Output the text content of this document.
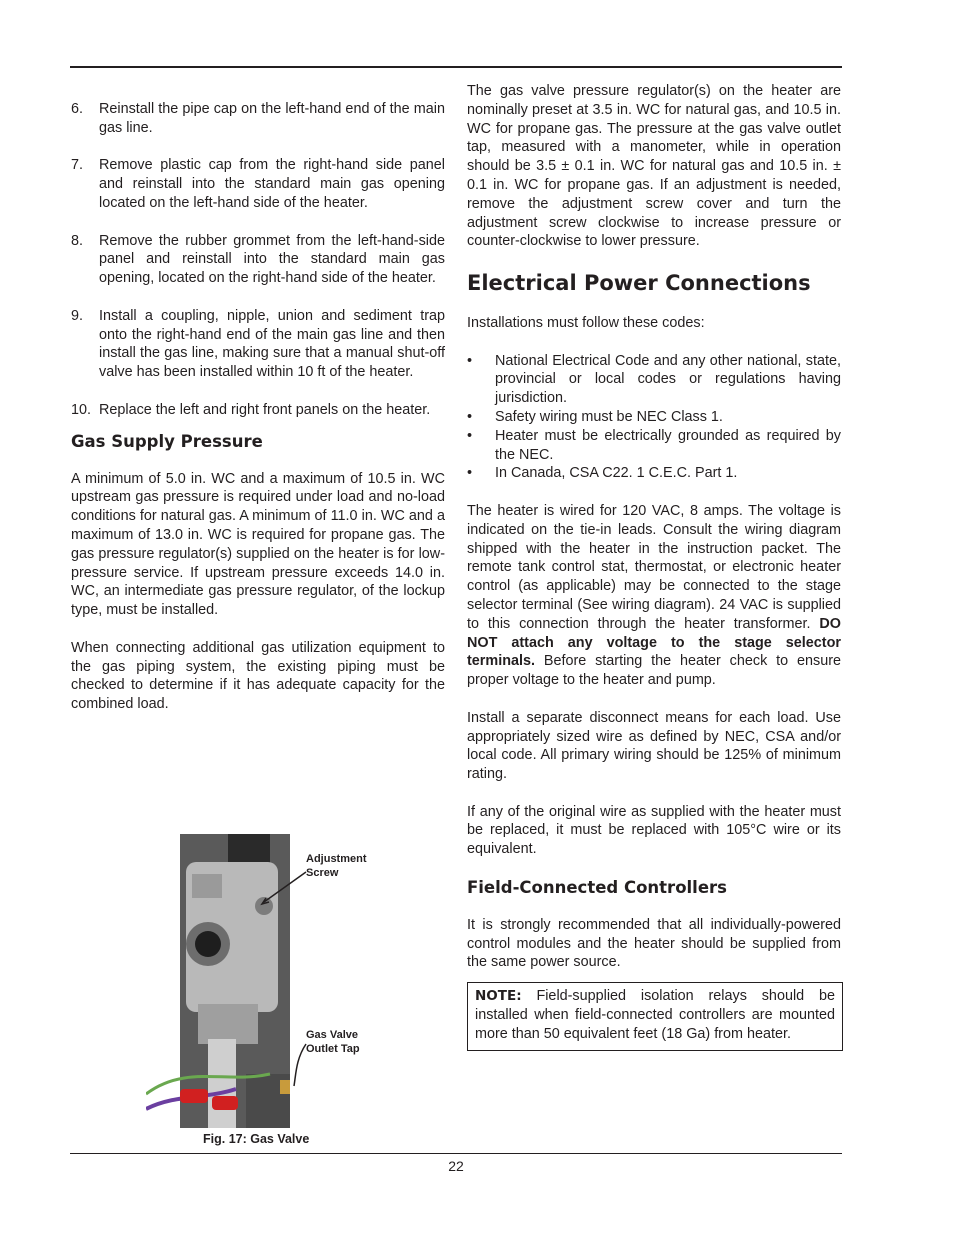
6. Reinstall the pipe cap on the left-hand end of the main gas line.
7. Remove plastic cap from the right-hand side panel and reinstall into the standard main gas opening located on the left-hand side of the heater.
8. Remove the rubber grommet from the left-hand-side panel and reinstall into the standard main gas opening, located on the right-hand side of the heater.
9. Install a coupling, nipple, union and sediment trap onto the right-hand end of the main gas line and then install the gas line, making sure that a manual shut-off valve has been installed within 10 ft of the heater.
10. Replace the left and right front panels on the heater.
Gas Supply Pressure

A minimum of 5.0 in. WC and a maximum of 10.5 in. WC upstream gas pressure is required under load and no-load conditions for natural gas. A minimum of 11.0 in. WC and a maximum of 13.0 in. WC is required for propane gas. The gas pressure regulator(s) supplied on the heater is for low-pressure service. If upstream pressure exceeds 14.0 in. WC, an intermediate gas pressure regulator, of the lockup type, must be installed.

When connecting additional gas utilization equipment to the gas piping system, the existing piping must be checked to determine if it has adequate capacity for the combined load.

Adjustment
Screw
Gas Valve
Outlet Tap
Fig. 17: Gas Valve

The gas valve pressure regulator(s) on the heater are nominally preset at 3.5 in. WC for natural gas, and 10.5 in. WC for propane gas. The pressure at the gas valve outlet tap, measured with a manometer, while in operation should be 3.5 ± 0.1 in. WC for natural gas and 10.5 in. ± 0.1 in. WC for propane gas. If an adjustment is needed, remove the adjustment screw cover and turn the adjustment screw clockwise to increase pressure or counter-clockwise to lower pressure.

Electrical Power Connections

Installations must follow these codes:

• National Electrical Code and any other national, state, provincial or local codes or regulations having jurisdiction.
• Safety wiring must be NEC Class 1.
• Heater must be electrically grounded as required by the NEC.
• In Canada, CSA C22. 1 C.E.C. Part 1.

The heater is wired for 120 VAC, 8 amps. The voltage is indicated on the tie-in leads. Consult the wiring diagram shipped with the heater in the instruction packet. The remote tank control stat, thermostat, or electronic heater control (as applicable) may be connected to the stage selector terminal (See wiring diagram). 24 VAC is supplied to this connection through the heater transformer. DO NOT attach any voltage to the stage selector terminals. Before starting the heater check to ensure proper voltage to the heater and pump.

Install a separate disconnect means for each load. Use appropriately sized wire as defined by NEC, CSA and/or local code. All primary wiring should be 125% of minimum rating.

If any of the original wire as supplied with the heater must be replaced, it must be replaced with 105°C wire or its equivalent.

Field-Connected Controllers

It is strongly recommended that all individually-powered control modules and the heater should be supplied from the same power source.

NOTE: Field-supplied isolation relays should be installed when field-connected controllers are mounted more than 50 equivalent feet (18 Ga) from heater.
22
